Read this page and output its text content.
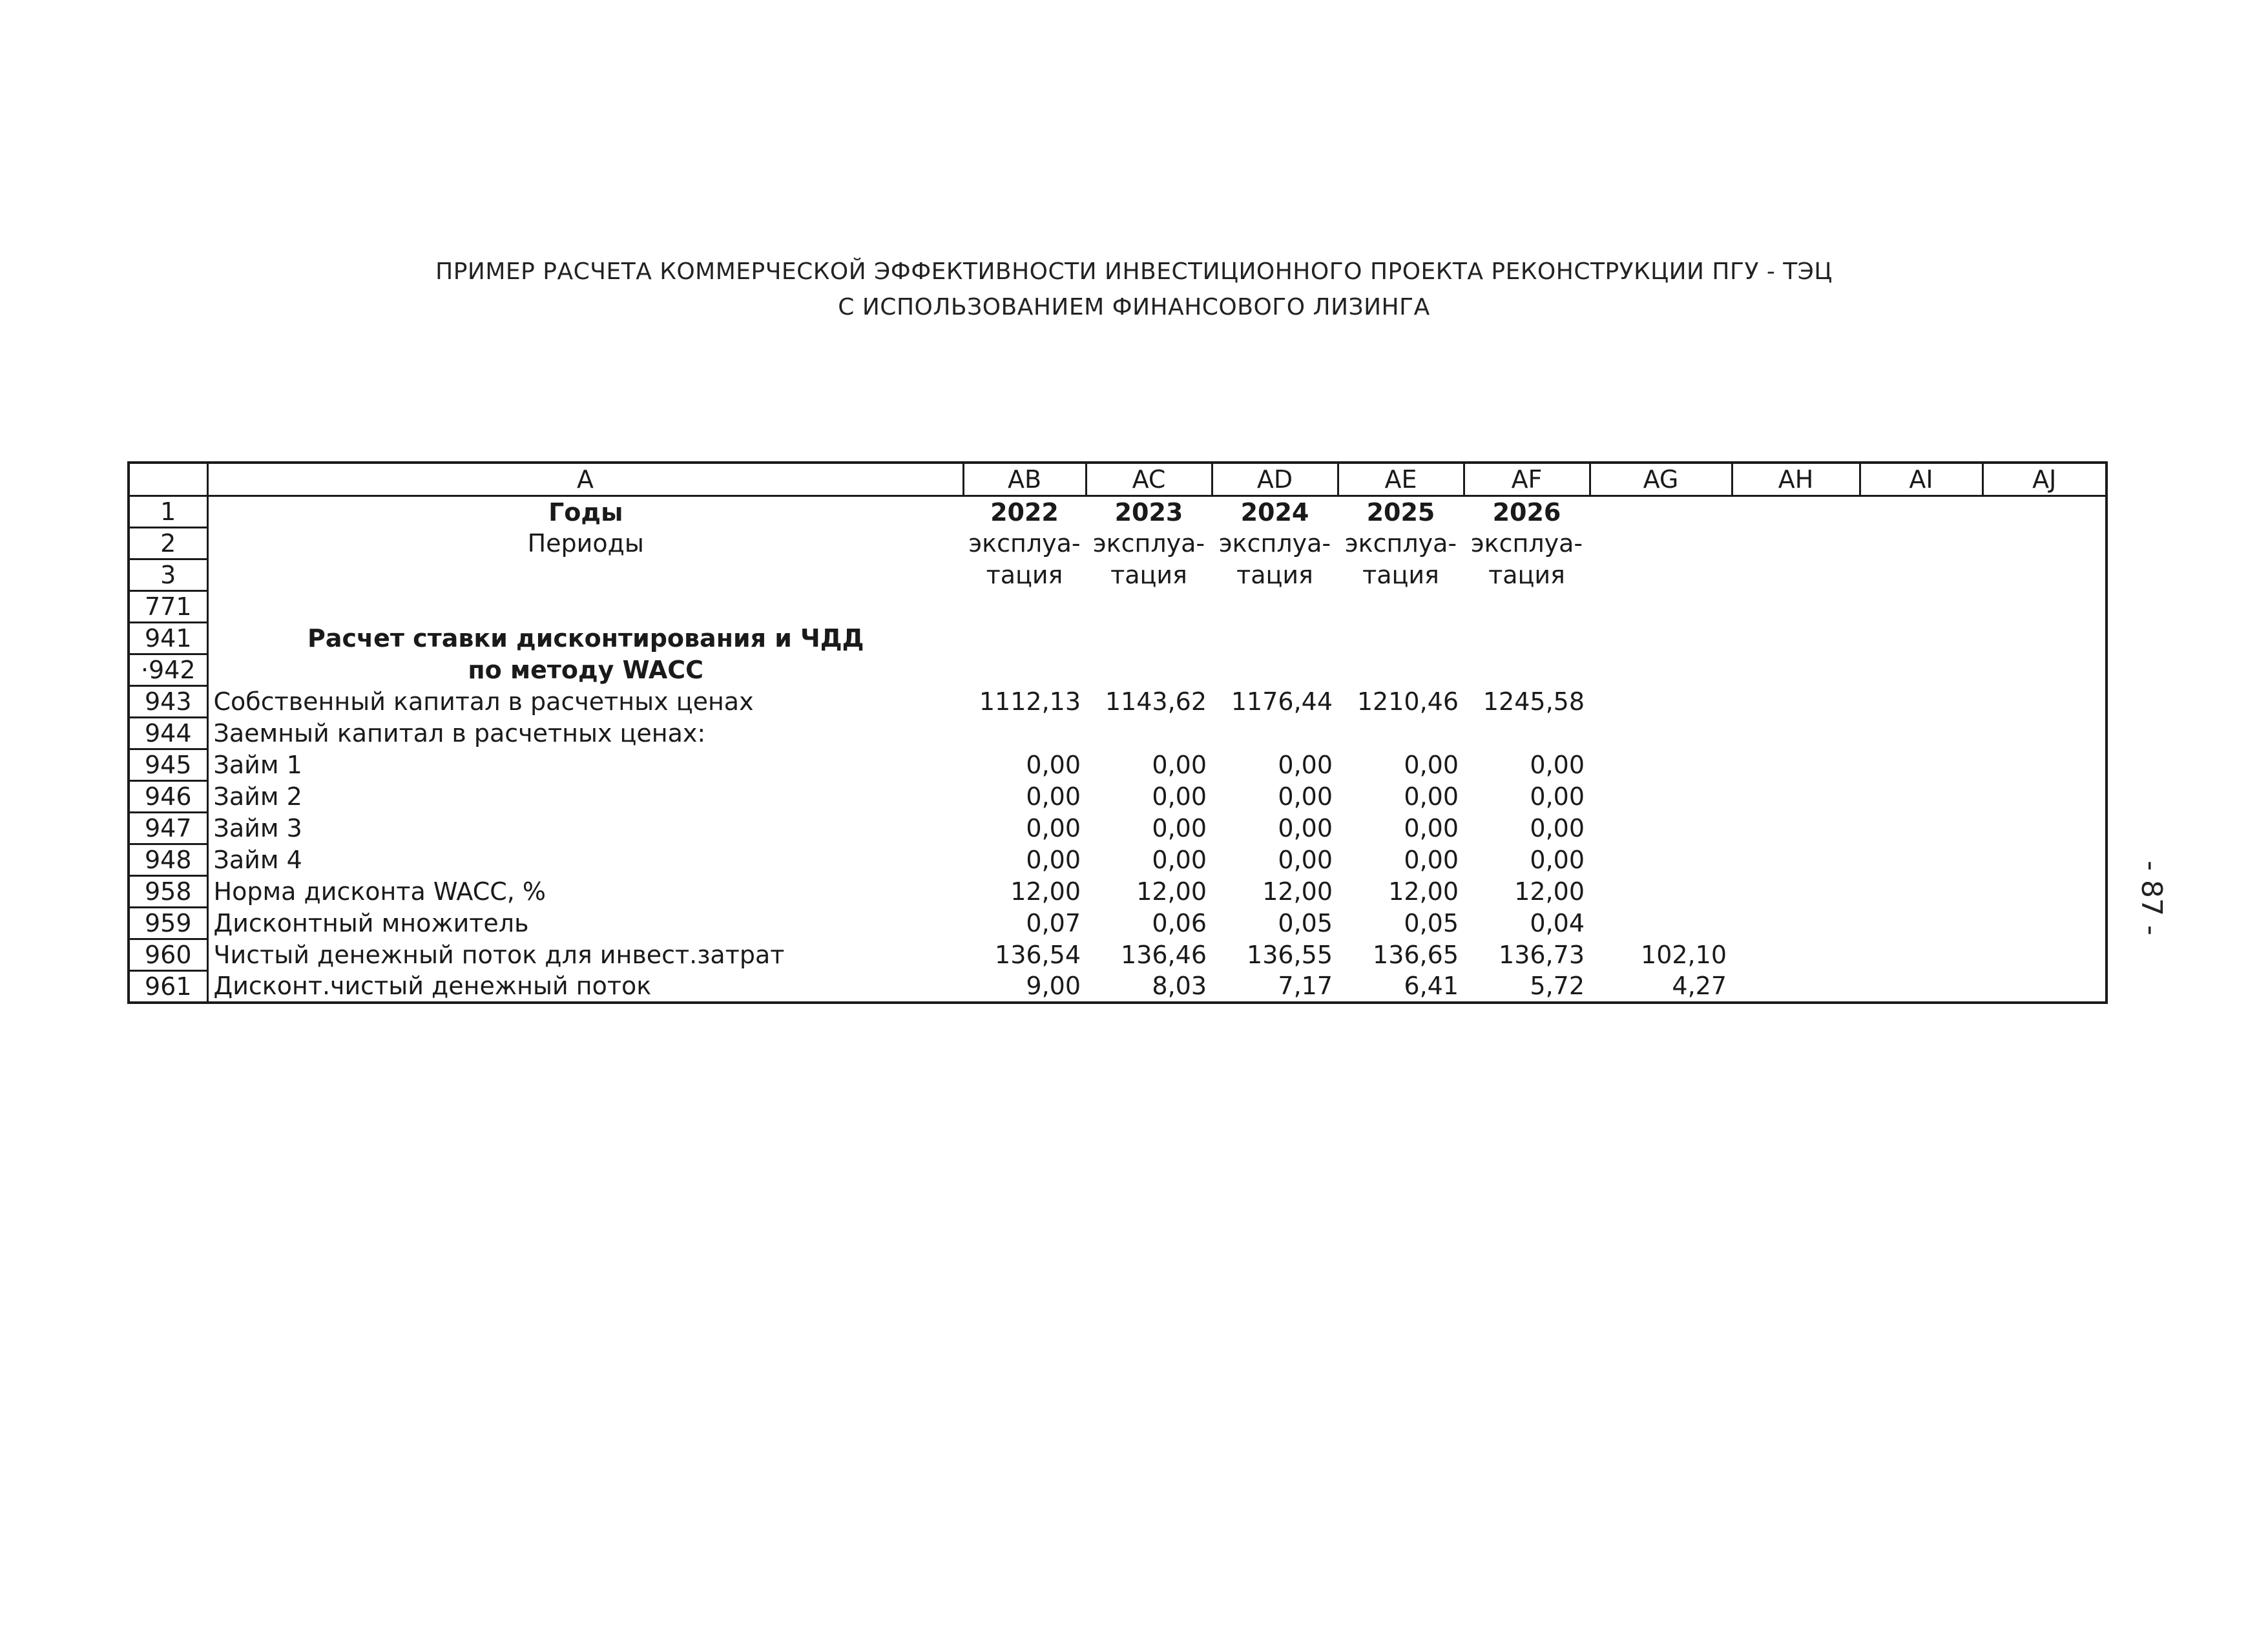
ПРИМЕР РАСЧЕТА КОММЕРЧЕСКОЙ ЭФФЕКТИВНОСТИ ИНВЕСТИЦИОННОГО ПРОЕКТА РЕКОНСТРУКЦИИ ПГУ - ТЭЦ
С ИСПОЛЬЗОВАНИЕМ ФИНАНСОВОГО ЛИЗИНГА
- 87 -
	A	AB	AC	AD	AE	AF	AG	AH	AI	AJ
1	Годы	2022	2023	2024	2025	2026				
2	Периоды	эксплуа-	эксплуа-	эксплуа-	эксплуа-	эксплуа-				
3		тация	тация	тация	тация	тация				
771										
941	Расчет ставки дисконтирования и ЧДД									
·942	по методу WACC									
943	Собственный капитал в расчетных ценах	1112,13	1143,62	1176,44	1210,46	1245,58				
944	Заемный капитал в расчетных ценах:									
945	Займ 1	0,00	0,00	0,00	0,00	0,00				
946	Займ 2	0,00	0,00	0,00	0,00	0,00				
947	Займ 3	0,00	0,00	0,00	0,00	0,00				
948	Займ 4	0,00	0,00	0,00	0,00	0,00				
958	Норма дисконта WACC, %	12,00	12,00	12,00	12,00	12,00				
959	Дисконтный множитель	0,07	0,06	0,05	0,05	0,04				
960	Чистый денежный поток для инвест.затрат	136,54	136,46	136,55	136,65	136,73	102,10			
961	Дисконт.чистый денежный поток	9,00	8,03	7,17	6,41	5,72	4,27			
